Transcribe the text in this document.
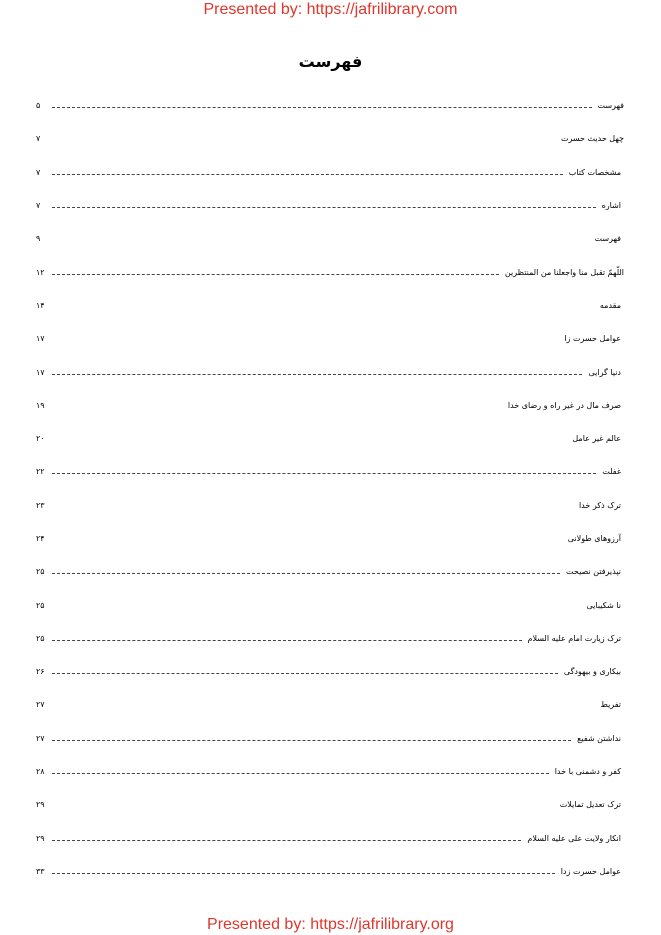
Presented by: https://jafrilibrary.com
فهرست
فهرست
۵
چهل حدیث حسرت
۷
مشخصات كتاب
۷
اشاره
۷
فهرست
۹
اللّهمّ تقبل منا واجعلنا من المنتظرین
۱۲
مقدمه
۱۴
عوامل حسرت زا
۱۷
دنیا گرایی
۱۷
صرف مال در غیر راه و رضای خدا
۱۹
عالم غیر عامل
۲۰
غفلت
۲۲
ترک ذکر خدا
۲۳
آرزوهای طولانی
۲۴
نپذیرفتن نصیحت
۲۵
نا شکیبایی
۲۵
ترک زیارت امام علیه السلام
۲۵
بیکاری و بیهودگی
۲۶
تفریط
۲۷
نداشتن شفیع
۲۷
كفر و دشمنی با خدا
۲۸
ترک تعدیل تمایلات
۲۹
انكار ولایت علی علیه السلام
۲۹
عوامل حسرت زدا
۳۳
Presented by: https://jafrilibrary.org
